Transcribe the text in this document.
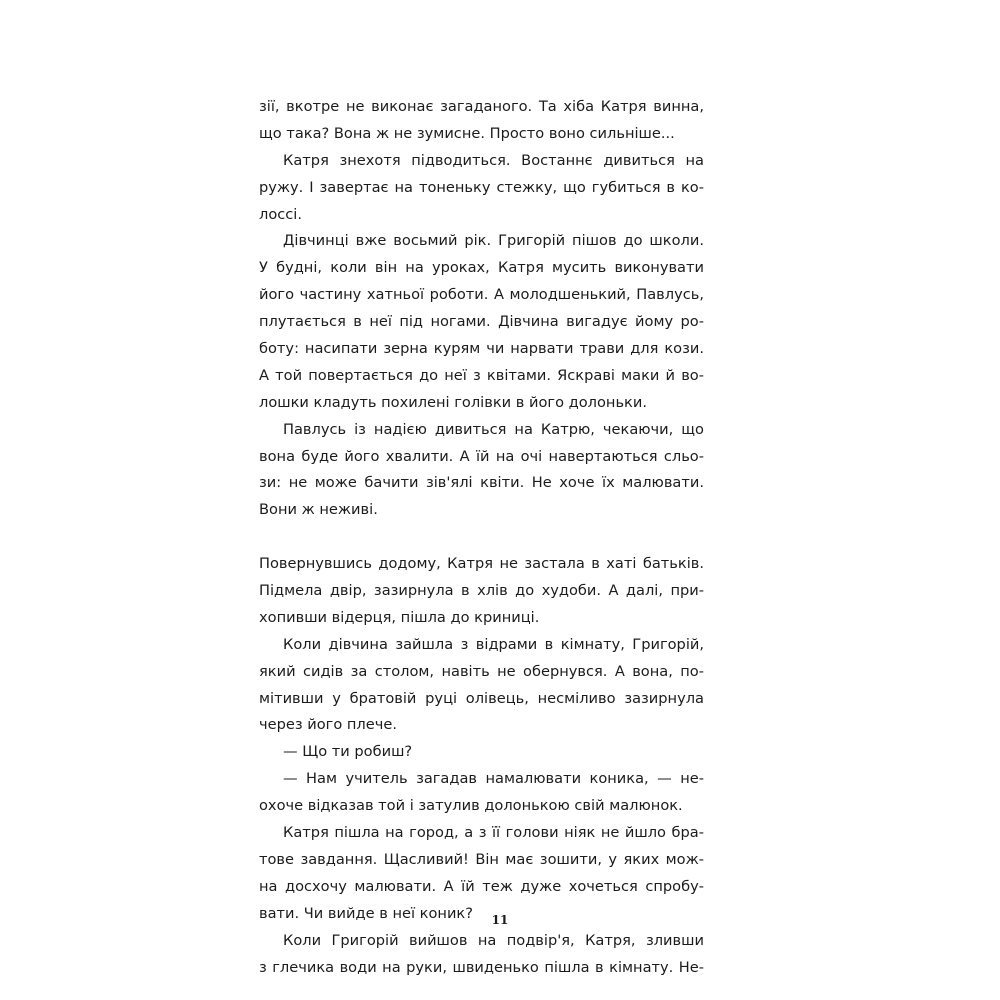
зії, вкотре не виконає загаданого. Та хіба Катря винна,
що така? Вона ж не зумисне. Просто воно сильніше...
Катря знехотя підводиться. Востаннє дивиться на
ружу. І завертає на тоненьку стежку, що губиться в ко-
лоссі.
Дівчинці вже восьмий рік. Григорій пішов до школи.
У будні, коли він на уроках, Катря мусить виконувати
його частину хатньої роботи. А молодшенький, Павлусь,
плутається в неї під ногами. Дівчина вигадує йому ро-
боту: насипати зерна курям чи нарвати трави для кози.
А той повертається до неї з квітами. Яскраві маки й во-
лошки кладуть похилені голівки в його долоньки.
Павлусь із надією дивиться на Катрю, чекаючи, що
вона буде його хвалити. А їй на очі навертаються сльо-
зи: не може бачити зів'ялі квіти. Не хоче їх малювати.
Вони ж неживі.
Повернувшись додому, Катря не застала в хаті батьків.
Підмела двір, зазирнула в хлів до худоби. А далі, при-
хопивши відерця, пішла до криниці.
Коли дівчина зайшла з відрами в кімнату, Григорій,
який сидів за столом, навіть не обернувся. А вона, по-
мітивши у братовій руці олівець, несміливо зазирнула
через його плече.
— Що ти робиш?
— Нам учитель загадав намалювати коника, — не-
охоче відказав той і затулив долонькою свій малюнок.
Катря пішла на город, а з її голови ніяк не йшло бра-
тове завдання. Щасливий! Він має зошити, у яких мож-
на досхочу малювати. А їй теж дуже хочеться спробу-
вати. Чи вийде в неї коник?
Коли Григорій вийшов на подвір'я, Катря, зливши
з глечика води на руки, швиденько пішла в кімнату. Не-
11
